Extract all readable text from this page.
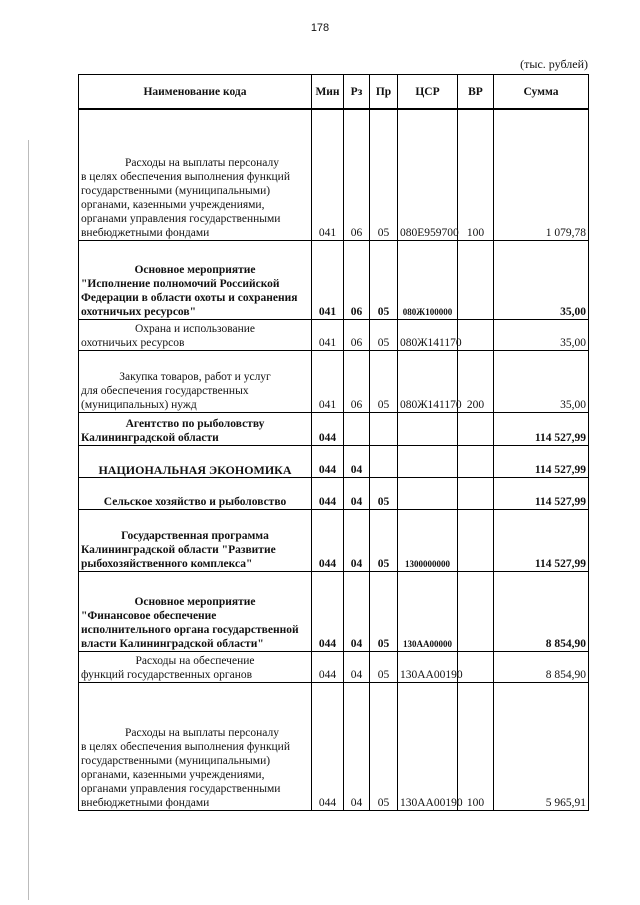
178
(тыс. рублей)
Наименование кода	Мин	Рз	Пр	ЦСР	ВР	Сумма

Расходы на выплаты персоналу
в целях обеспечения выполнения функций государственными (муниципальными) органами, казенными учреждениями, органами управления государственными внебюджетными фондами	041	06	05	080Е959700	100	1 079,78

Основное мероприятие
"Исполнение полномочий Российской Федерации в области охоты и сохранения охотничьих ресурсов"	041	06	05	080Ж100000		35,00

Охрана и использование
охотничьих ресурсов	041	06	05	080Ж141170		35,00

Закупка товаров, работ и услуг
для обеспечения государственных (муниципальных) нужд	041	06	05	080Ж141170	200	35,00

Агентство по рыболовству
Калининградской области	044					114 527,99

НАЦИОНАЛЬНАЯ ЭКОНОМИКА	044	04				114 527,99

Сельское хозяйство и рыболовство	044	04	05			114 527,99

Государственная программа
Калининградской области "Развитие рыбохозяйственного комплекса"	044	04	05	1300000000		114 527,99

Основное мероприятие
"Финансовое обеспечение исполнительного органа государственной власти Калининградской области"	044	04	05	130АА00000		8 854,90

Расходы на обеспечение
функций государственных органов	044	04	05	130АА00190		8 854,90

Расходы на выплаты персоналу
в целях обеспечения выполнения функций государственными (муниципальными) органами, казенными учреждениями, органами управления государственными внебюджетными фондами	044	04	05	130АА00190	100	5 965,91
